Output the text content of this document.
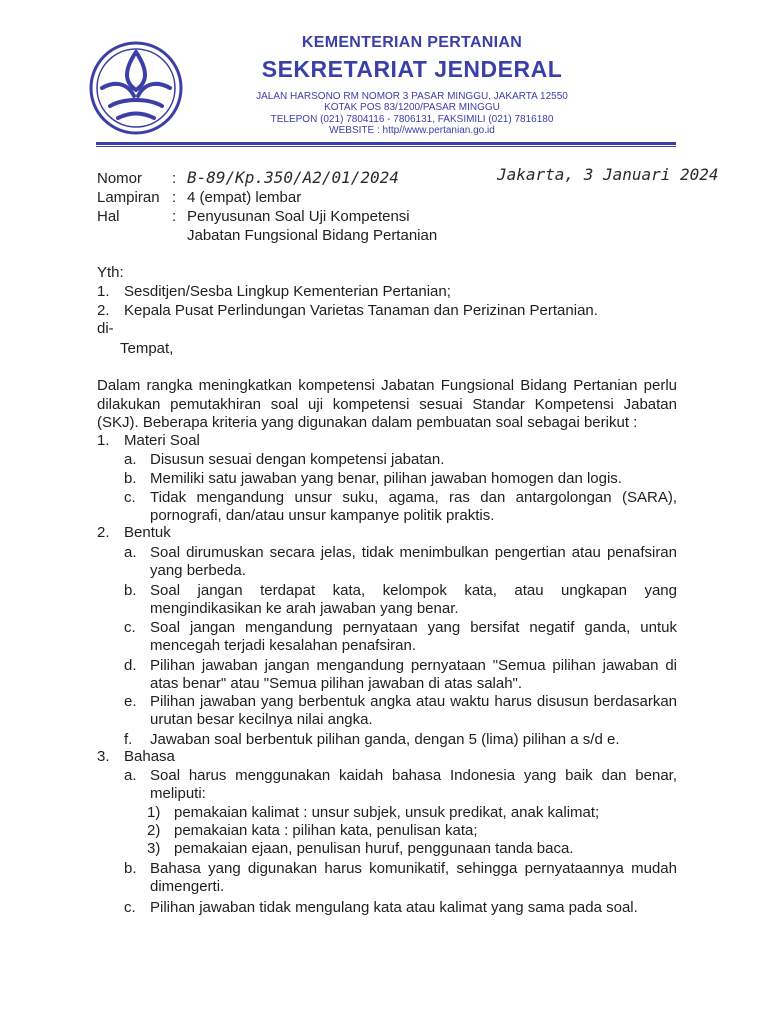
KEMENTERIAN PERTANIAN
SEKRETARIAT JENDERAL
JALAN HARSONO RM NOMOR 3 PASAR MINGGU, JAKARTA 12550
KOTAK POS 83/1200/PASAR MINGGU
TELEPON (021) 7804116 - 7806131, FAKSIMILI (021) 7816180
WEBSITE : http//www.pertanian.go.id
Nomor : B-89/Kp.350/A2/01/2024	Jakarta, 3 Januari 2024
Lampiran : 4 (empat) lembar
Hal	: Penyusunan Soal Uji Kompetensi
Jabatan Fungsional Bidang Pertanian
Yth:
1. Sesditjen/Sesba Lingkup Kementerian Pertanian;
2. Kepala Pusat Perlindungan Varietas Tanaman dan Perizinan Pertanian.
di-
Tempat,
Dalam rangka meningkatkan kompetensi Jabatan Fungsional Bidang Pertanian perlu
dilakukan pemutakhiran soal uji kompetensi sesuai Standar Kompetensi Jabatan
(SKJ). Beberapa kriteria yang digunakan dalam pembuatan soal sebagai berikut :
1. Materi Soal
a. Disusun sesuai dengan kompetensi jabatan.
b. Memiliki satu jawaban yang benar, pilihan jawaban homogen dan logis.
c. Tidak mengandung unsur suku, agama, ras dan antargolongan (SARA),
pornografi, dan/atau unsur kampanye politik praktis.
2. Bentuk
a. Soal dirumuskan secara jelas, tidak menimbulkan pengertian atau penafsiran
yang berbeda.
b. Soal jangan terdapat kata, kelompok kata, atau ungkapan yang
mengindikasikan ke arah jawaban yang benar.
c. Soal jangan mengandung pernyataan yang bersifat negatif ganda, untuk
mencegah terjadi kesalahan penafsiran.
d. Pilihan jawaban jangan mengandung pernyataan "Semua pilihan jawaban di
atas benar" atau "Semua pilihan jawaban di atas salah".
e. Pilihan jawaban yang berbentuk angka atau waktu harus disusun berdasarkan
urutan besar kecilnya nilai angka.
f. Jawaban soal berbentuk pilihan ganda, dengan 5 (lima) pilihan a s/d e.
3. Bahasa
a. Soal harus menggunakan kaidah bahasa Indonesia yang baik dan benar,
meliputi:
1) pemakaian kalimat : unsur subjek, unsuk predikat, anak kalimat;
2) pemakaian kata : pilihan kata, penulisan kata;
3) pemakaian ejaan, penulisan huruf, penggunaan tanda baca.
b. Bahasa yang digunakan harus komunikatif, sehingga pernyataannya mudah
dimengerti.
c. Pilihan jawaban tidak mengulang kata atau kalimat yang sama pada soal.
